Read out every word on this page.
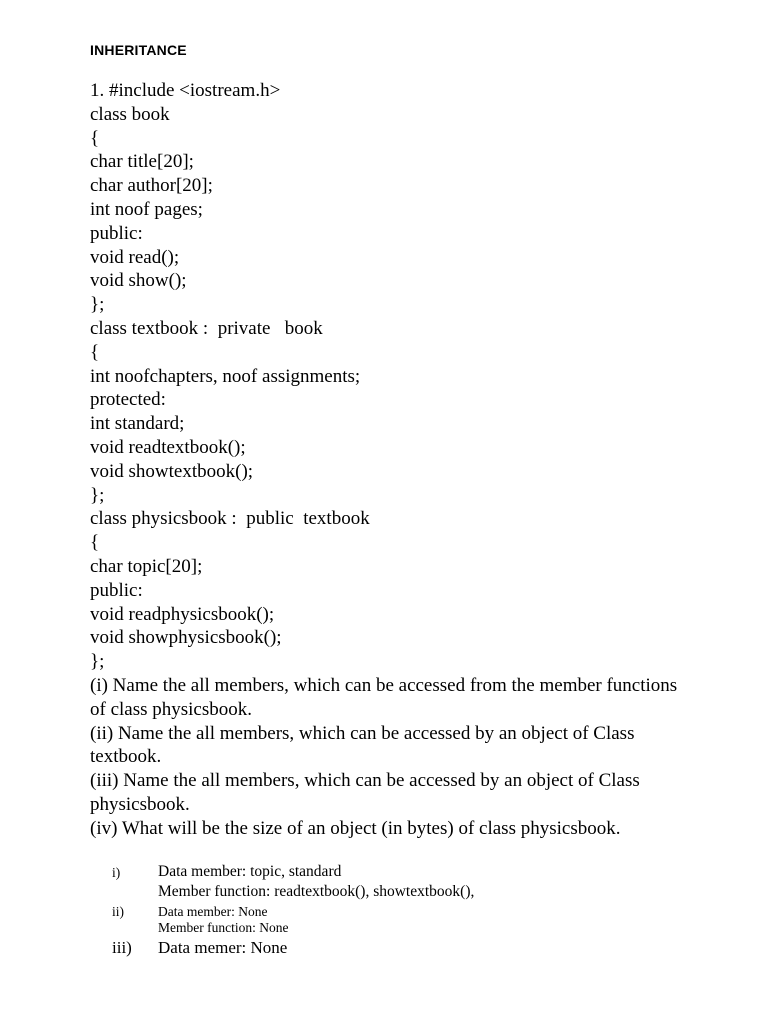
INHERITANCE
1. #include <iostream.h>
class book
{
char title[20];
char author[20];
int noof pages;
public:
void read();
void show();
};
class textbook :  private   book
{
int noofchapters, noof assignments;
protected:
int standard;
void readtextbook();
void showtextbook();
};
class physicsbook :  public  textbook
{
char topic[20];
public:
void readphysicsbook();
void showphysicsbook();
};
(i) Name the all members, which can be accessed from the member functions of class physicsbook.
(ii) Name the all members, which can be accessed by an object of Class textbook.
(iii) Name the all members, which can be accessed by an object of Class physicsbook.
(iv) What will be the size of an object (in bytes) of class physicsbook.
i) Data member: topic, standard
Member function: readtextbook(), showtextbook(),
ii)	Data member: None
Member function: None
iii) Data memer: None
